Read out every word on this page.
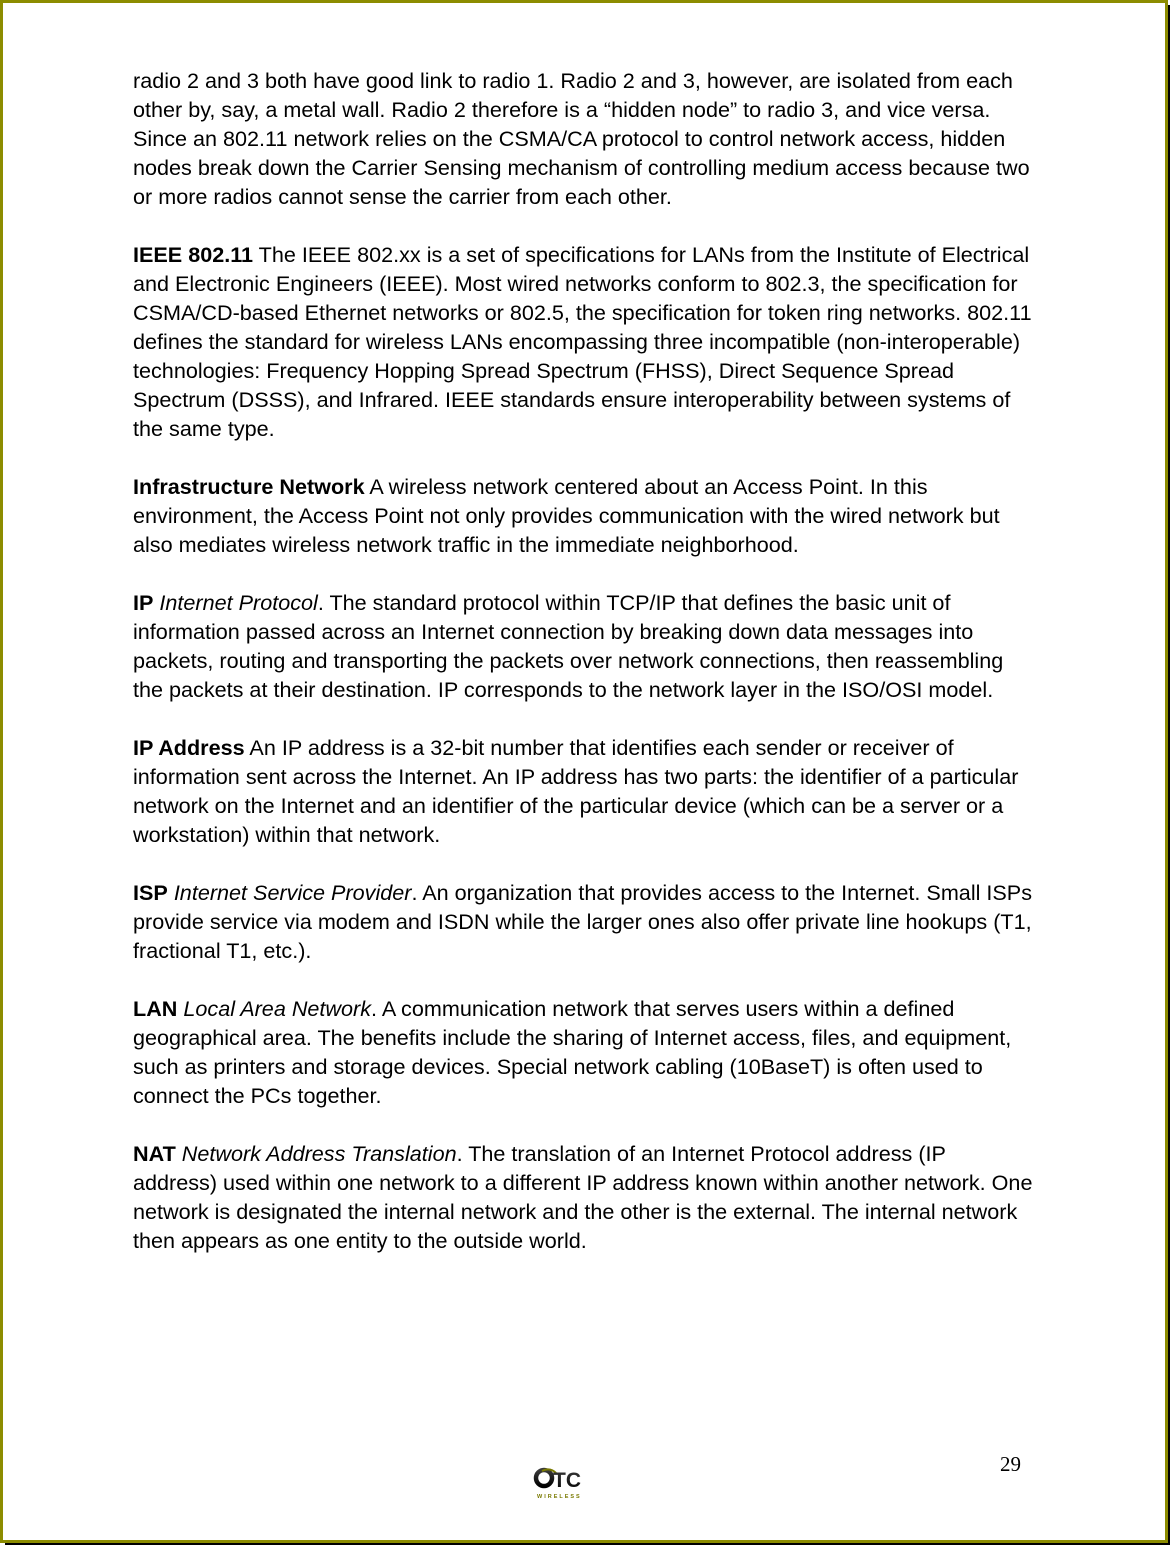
radio 2 and 3 both have good link to radio 1. Radio 2 and 3, however, are isolated from each other by, say, a metal wall. Radio 2 therefore is a “hidden node” to radio 3, and vice versa. Since an 802.11 network relies on the CSMA/CA protocol to control network access, hidden nodes break down the Carrier Sensing mechanism of controlling medium access because two or more radios cannot sense the carrier from each other.

IEEE 802.11 The IEEE 802.xx is a set of specifications for LANs from the Institute of Electrical and Electronic Engineers (IEEE). Most wired networks conform to 802.3, the specification for CSMA/CD-based Ethernet networks or 802.5, the specification for token ring networks. 802.11 defines the standard for wireless LANs encompassing three incompatible (non-interoperable) technologies: Frequency Hopping Spread Spectrum (FHSS), Direct Sequence Spread Spectrum (DSSS), and Infrared. IEEE standards ensure interoperability between systems of the same type.

Infrastructure Network A wireless network centered about an Access Point. In this environment, the Access Point not only provides communication with the wired network but also mediates wireless network traffic in the immediate neighborhood.

IP Internet Protocol. The standard protocol within TCP/IP that defines the basic unit of information passed across an Internet connection by breaking down data messages into packets, routing and transporting the packets over network connections, then reassembling the packets at their destination. IP corresponds to the network layer in the ISO/OSI model.

IP Address An IP address is a 32-bit number that identifies each sender or receiver of information sent across the Internet. An IP address has two parts: the identifier of a particular network on the Internet and an identifier of the particular device (which can be a server or a workstation) within that network.

ISP Internet Service Provider. An organization that provides access to the Internet. Small ISPs provide service via modem and ISDN while the larger ones also offer private line hookups (T1, fractional T1, etc.).

LAN Local Area Network. A communication network that serves users within a defined geographical area. The benefits include the sharing of Internet access, files, and equipment, such as printers and storage devices. Special network cabling (10BaseT) is often used to connect the PCs together.

NAT Network Address Translation. The translation of an Internet Protocol address (IP address) used within one network to a different IP address known within another network. One network is designated the internal network and the other is the external. The internal network then appears as one entity to the outside world.

29
TC
WIRELESS
